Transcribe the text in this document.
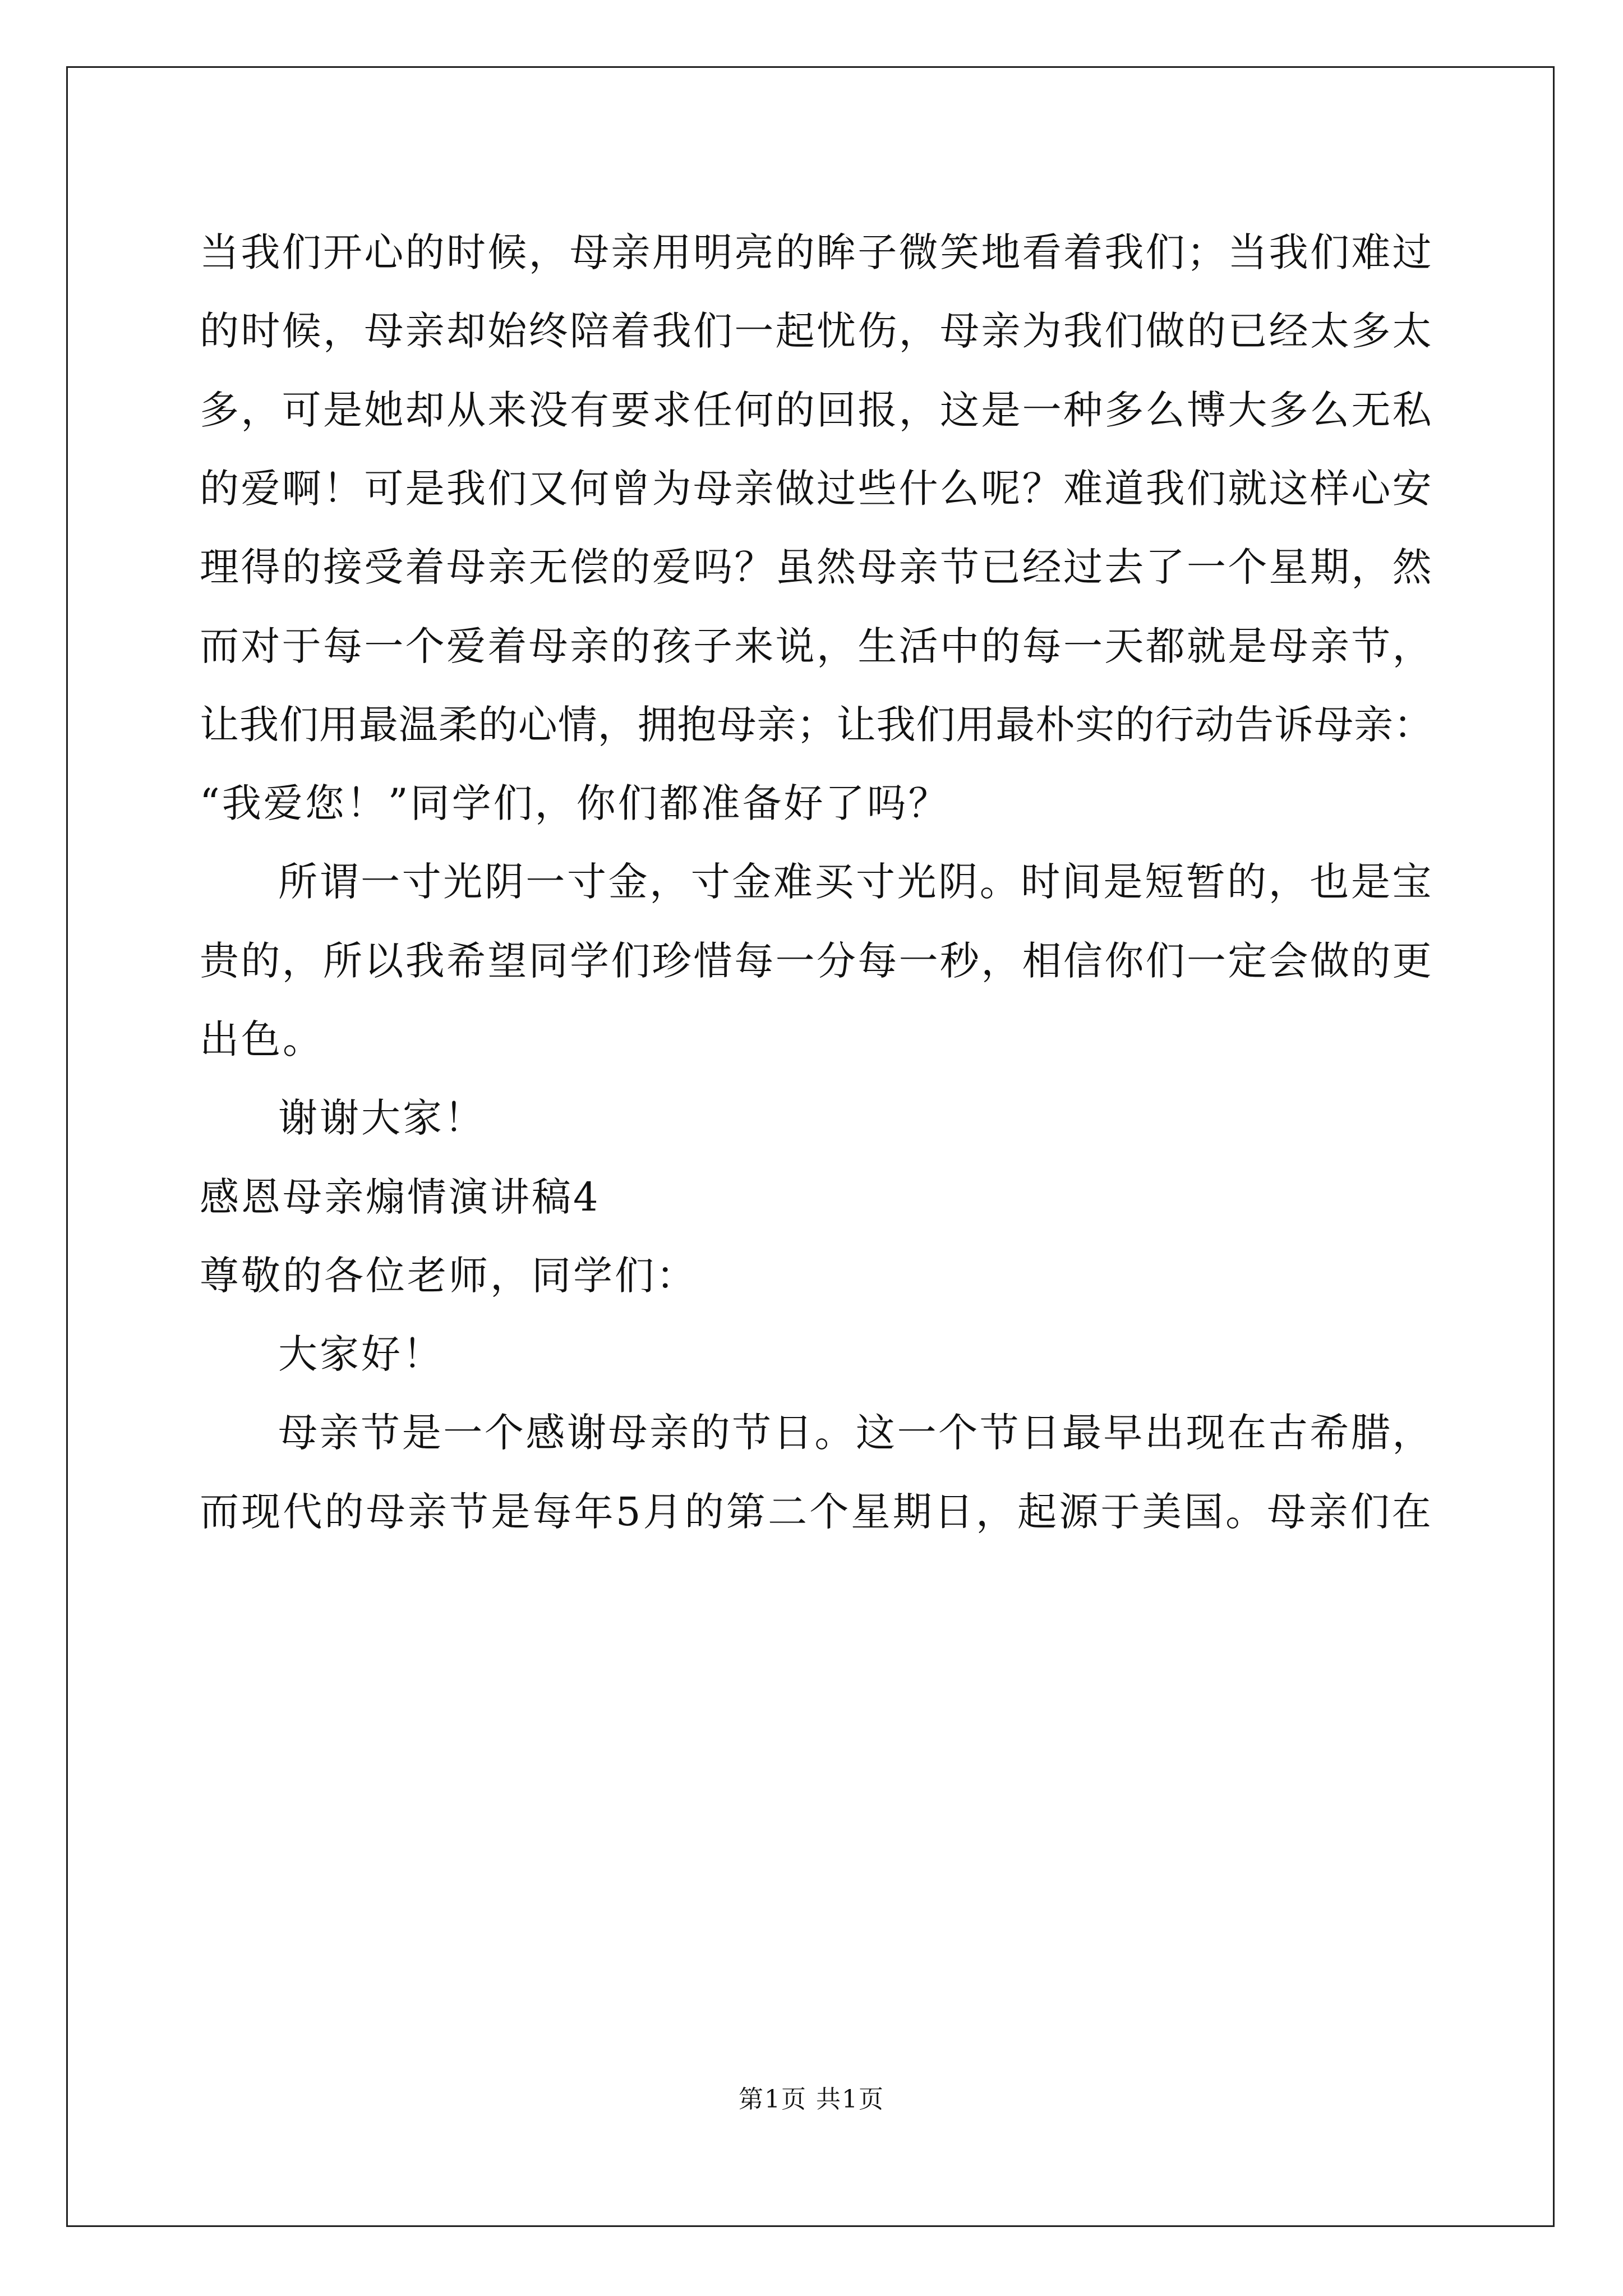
当我们开心的时候，母亲用明亮的眸子微笑地看着我们；当我们难过
的时候，母亲却始终陪着我们一起忧伤，母亲为我们做的已经太多太
多，可是她却从来没有要求任何的回报，这是一种多么博大多么无私
的爱啊！可是我们又何曾为母亲做过些什么呢？难道我们就这样心安
理得的接受着母亲无偿的爱吗？虽然母亲节已经过去了一个星期，然
而对于每一个爱着母亲的孩子来说，生活中的每一天都就是母亲节，
让我们用最温柔的心情，拥抱母亲；让我们用最朴实的行动告诉母亲：
“我爱您！”同学们，你们都准备好了吗？
所谓一寸光阴一寸金，寸金难买寸光阴。时间是短暂的，也是宝
贵的，所以我希望同学们珍惜每一分每一秒，相信你们一定会做的更
出色。
谢谢大家！
感恩母亲煽情演讲稿4
尊敬的各位老师，同学们：
大家好！
母亲节是一个感谢母亲的节日。这一个节日最早出现在古希腊，
而现代的母亲节是每年5月的第二个星期日，起源于美国。母亲们在
第1页 共1页
